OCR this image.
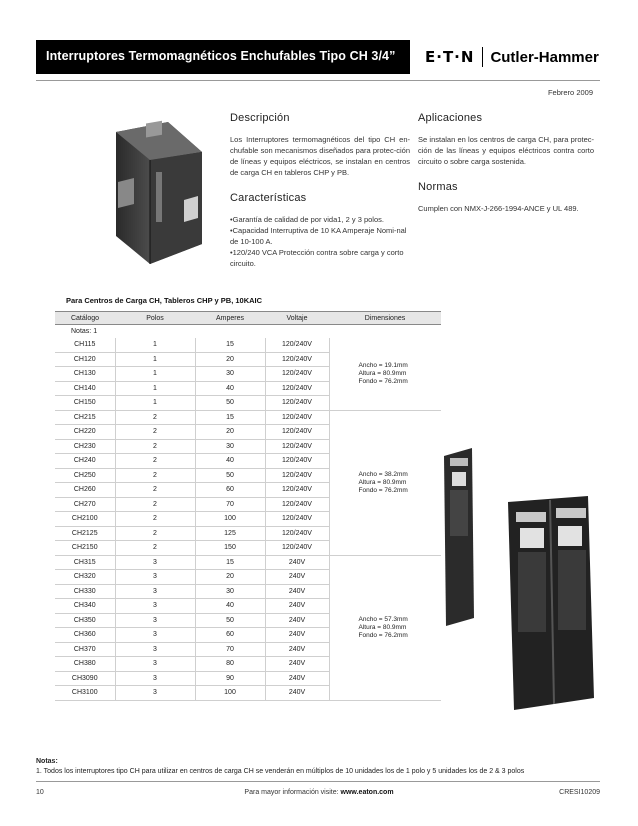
Interruptores Termomagnéticos Enchufables Tipo CH 3/4” E·T·N Cutler-Hammer
Febrero 2009
Descripción

Los Interruptores termomagnéticos del tipo CH en-chufable son mecanismos diseñados para protec-ción de líneas y equipos eléctricos, se instalan en centros de carga CH en tableros CHP y PB.

Características
•Garantía de calidad de por vida1, 2 y 3 polos.
•Capacidad Interruptiva de 10 KA Amperaje Nomi-nal de 10-100 A.
•120/240 VCA Protección contra sobre carga y corto circuito.
Aplicaciones

Se instalan en los centros de carga CH, para protec-ción de las líneas y equipos eléctricos contra corto circuito o sobre carga sostenida.

Normas

Cumplen con NMX-J-266-1994-ANCE y UL 489.

Para Centros de Carga CH, Tableros CHP y PB, 10KAIC
Catálogo	Polos	Amperes	Voltaje	Dimensiones
Notas: 1				
CH115	1	15	120/240V	Ancho = 19.1mm
Altura = 80.9mm
Fondo = 76.2mm

CH120	1	20	120/240V	
CH130	1	30	120/240V	
CH140	1	40	120/240V	
CH150	1	50	120/240V	
CH215	2	15	120/240V	Ancho = 38.2mm
Altura = 80.9mm
Fondo = 76.2mm

CH220	2	20	120/240V	
CH230	2	30	120/240V	
CH240	2	40	120/240V	
CH250	2	50	120/240V	
CH260	2	60	120/240V	
CH270	2	70	120/240V	
CH2100	2	100	120/240V	
CH2125	2	125	120/240V	
CH2150	2	150	120/240V	
CH315	3	15	240V	Ancho = 57.3mm
Altura = 80.9mm
Fondo = 76.2mm

CH320	3	20	240V	
CH330	3	30	240V	
CH340	3	40	240V	
CH350	3	50	240V	
CH360	3	60	240V	
CH370	3	70	240V	
CH380	3	80	240V	
CH3090	3	90	240V	
CH3100	3	100	240V	
Notas:
1. Todos los interruptores tipo CH para utilizar en centros de carga CH se venderán en múltiplos de 10 unidades los de 1 polo y 5 unidades los de 2 & 3 polos
10	Para mayor información visite: www.eaton.com	CRESI10209
